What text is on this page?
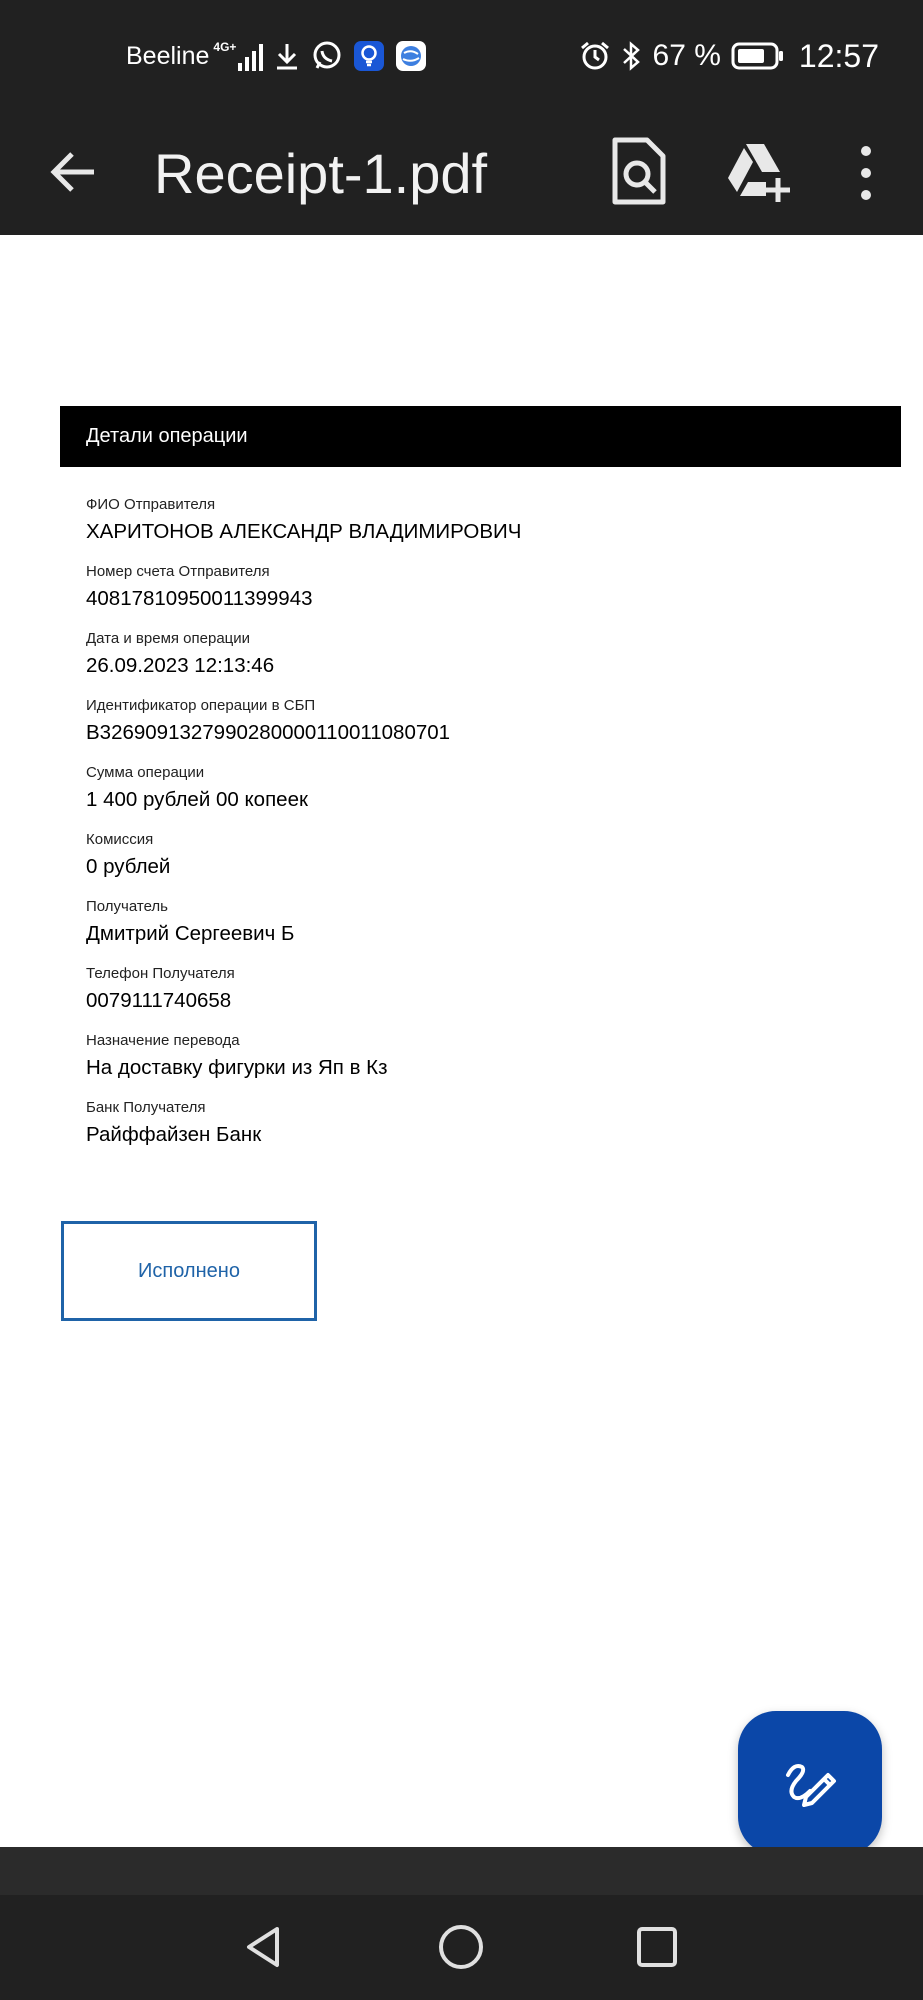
Beeline 4G+	67 % 12:57
Receipt-1.pdf
Детали операции
ФИО Отправителя
ХАРИТОНОВ АЛЕКСАНДР ВЛАДИМИРОВИЧ
Номер счета Отправителя
40817810950011399943
Дата и время операции
26.09.2023 12:13:46
Идентификатор операции в СБП
B3269091327990280000110011080701
Сумма операции
1 400 рублей 00 копеек
Комиссия
0 рублей
Получатель
Дмитрий Сергеевич Б
Телефон Получателя
0079111740658
Назначение перевода
На доставку фигурки из Яп в Кз
Банк Получателя
Райффайзен Банк
Исполнено
